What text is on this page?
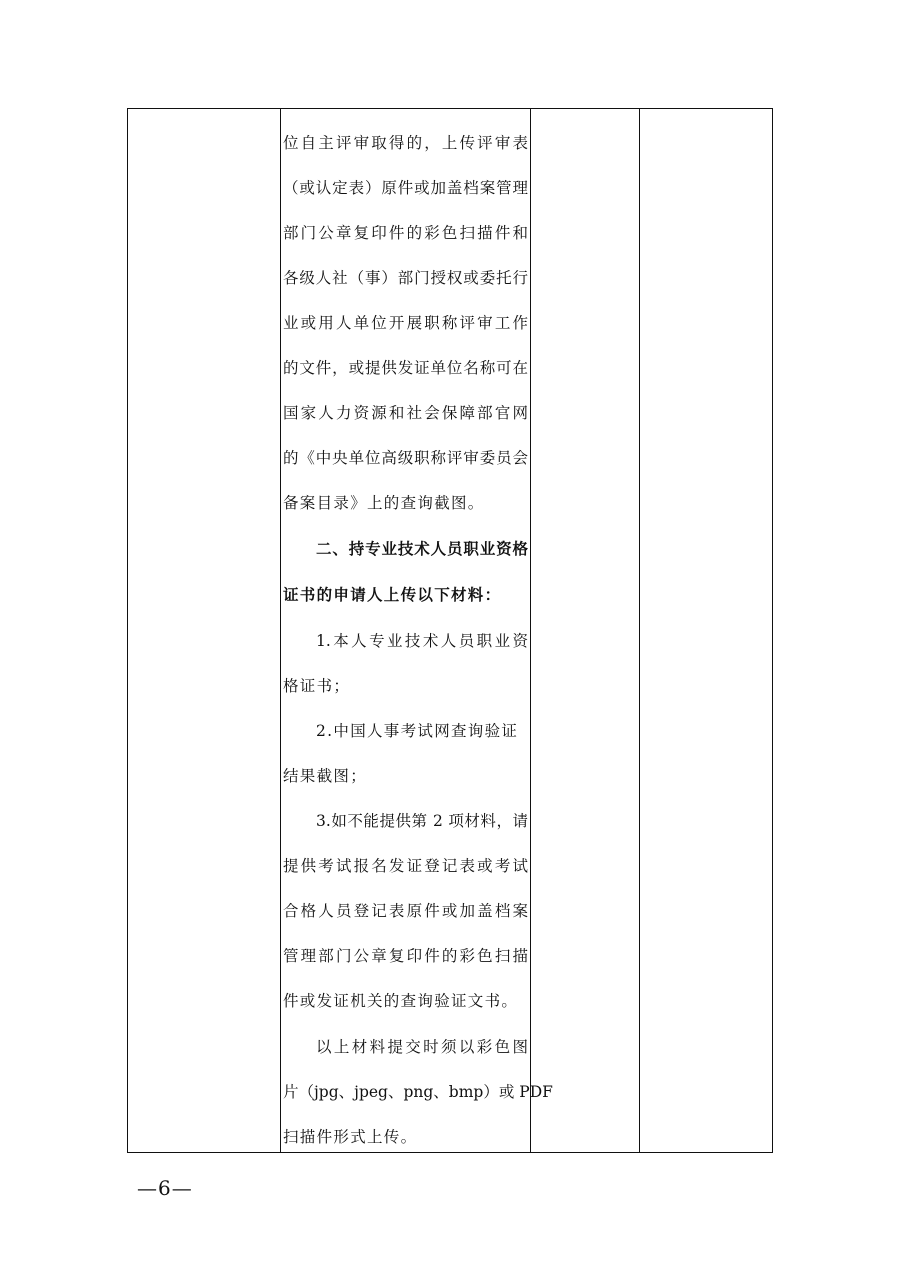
位自主评审取得的，上传评审表
（或认定表）原件或加盖档案管理
部门公章复印件的彩色扫描件和
各级人社（事）部门授权或委托行
业或用人单位开展职称评审工作
的文件，或提供发证单位名称可在
国家人力资源和社会保障部官网
的《中央单位高级职称评审委员会
备案目录》上的查询截图。
二、持专业技术人员职业资格
证书的申请人上传以下材料：
1.本人专业技术人员职业资
格证书；
2.中国人事考试网查询验证
结果截图；
3.如不能提供第 2 项材料，请
提供考试报名发证登记表或考试
合格人员登记表原件或加盖档案
管理部门公章复印件的彩色扫描
件或发证机关的查询验证文书。
以上材料提交时须以彩色图
片（jpg、jpeg、png、bmp）或 PDF
扫描件形式上传。
—6—
